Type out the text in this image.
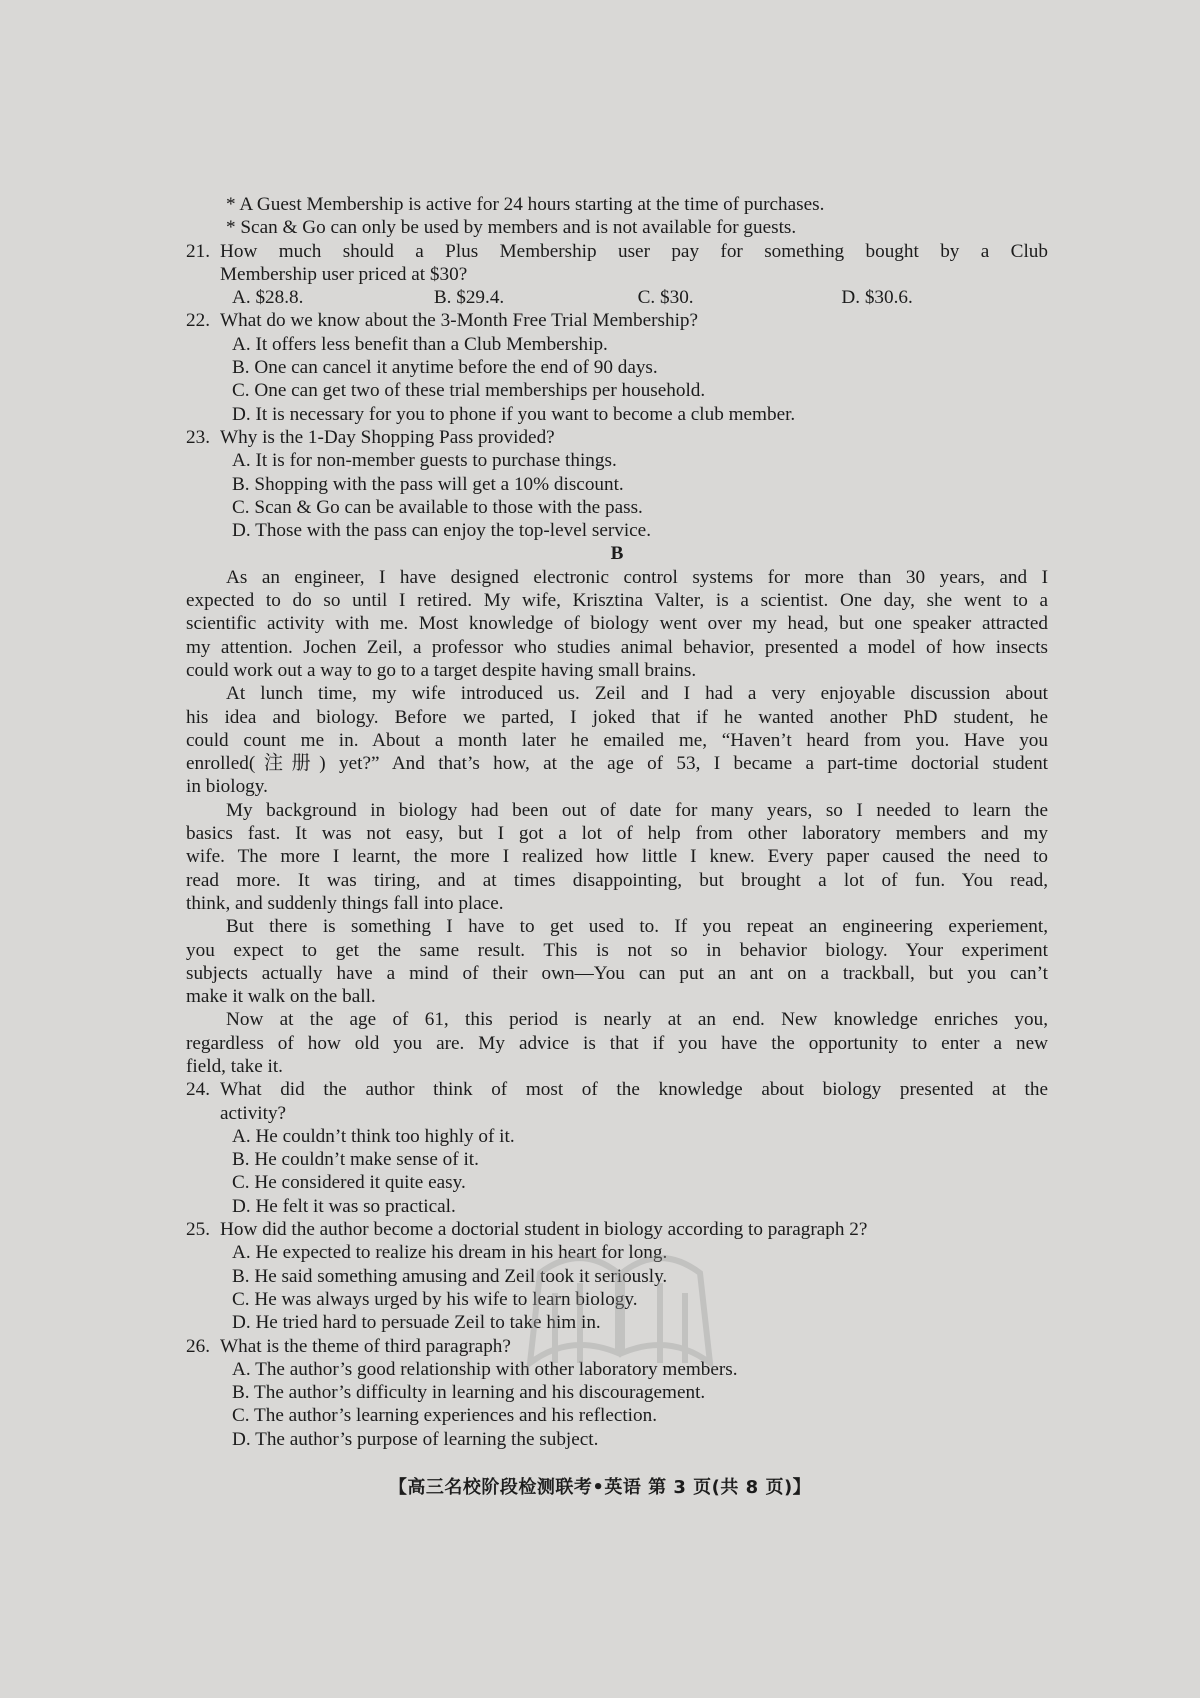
* A Guest Membership is active for 24 hours starting at the time of purchases.
* Scan & Go can only be used by members and is not available for guests.
21. How much should a Plus Membership user pay for something bought by a Club
Membership user priced at $30?
A. $28.8.	B. $29.4.	C. $30.	D. $30.6.
22. What do we know about the 3-Month Free Trial Membership?
A. It offers less benefit than a Club Membership.
B. One can cancel it anytime before the end of 90 days.
C. One can get two of these trial memberships per household.
D. It is necessary for you to phone if you want to become a club member.
23. Why is the 1-Day Shopping Pass provided?
A. It is for non-member guests to purchase things.
B. Shopping with the pass will get a 10% discount.
C. Scan & Go can be available to those with the pass.
D. Those with the pass can enjoy the top-level service.
B
As an engineer, I have designed electronic control systems for more than 30 years, and I
expected to do so until I retired. My wife, Krisztina Valter, is a scientist. One day, she went to a
scientific activity with me. Most knowledge of biology went over my head, but one speaker attracted
my attention. Jochen Zeil, a professor who studies animal behavior, presented a model of how insects
could work out a way to go to a target despite having small brains.
At lunch time, my wife introduced us. Zeil and I had a very enjoyable discussion about
his idea and biology. Before we parted, I joked that if he wanted another PhD student, he
could count me in. About a month later he emailed me, “Haven’t heard from you. Have you
enrolled(注册) yet?” And that’s how, at the age of 53, I became a part-time doctorial student
in biology.
My background in biology had been out of date for many years, so I needed to learn the
basics fast. It was not easy, but I got a lot of help from other laboratory members and my
wife. The more I learnt, the more I realized how little I knew. Every paper caused the need to
read more. It was tiring, and at times disappointing, but brought a lot of fun. You read,
think, and suddenly things fall into place.
But there is something I have to get used to. If you repeat an engineering experiement,
you expect to get the same result. This is not so in behavior biology. Your experiment
subjects actually have a mind of their own—You can put an ant on a trackball, but you can’t
make it walk on the ball.
Now at the age of 61, this period is nearly at an end. New knowledge enriches you,
regardless of how old you are. My advice is that if you have the opportunity to enter a new
field, take it.
24. What did the author think of most of the knowledge about biology presented at the
activity?
A. He couldn’t think too highly of it.
B. He couldn’t make sense of it.
C. He considered it quite easy.
D. He felt it was so practical.
25. How did the author become a doctorial student in biology according to paragraph 2?
A. He expected to realize his dream in his heart for long.
B. He said something amusing and Zeil took it seriously.
C. He was always urged by his wife to learn biology.
D. He tried hard to persuade Zeil to take him in.
26. What is the theme of third paragraph?
A. The author’s good relationship with other laboratory members.
B. The author’s difficulty in learning and his discouragement.
C. The author’s learning experiences and his reflection.
D. The author’s purpose of learning the subject.
【高三名校阶段检测联考•英语 第 3 页(共 8 页)】
